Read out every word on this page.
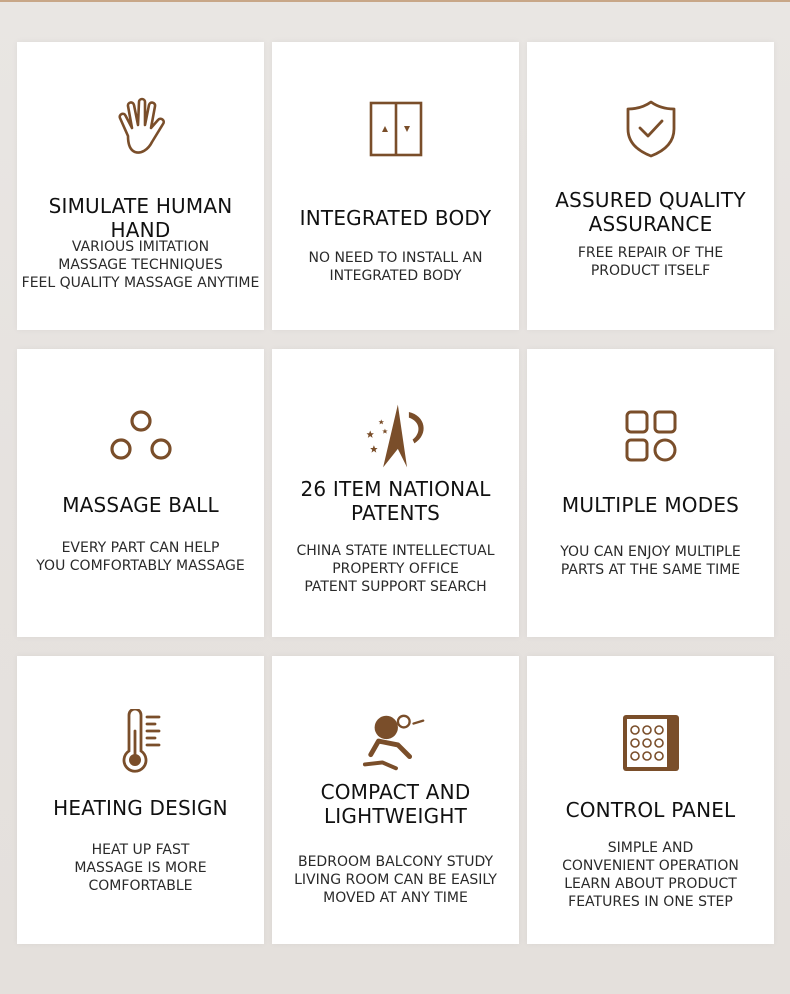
SIMULATE HUMAN HAND
VARIOUS IMITATION
MASSAGE TECHNIQUES
FEEL QUALITY MASSAGE ANYTIME
INTEGRATED BODY
NO NEED TO INSTALL AN
INTEGRATED BODY
ASSURED QUALITY
ASSURANCE
FREE REPAIR OF THE
PRODUCT ITSELF
MASSAGE BALL
EVERY PART CAN HELP
YOU COMFORTABLY MASSAGE
26 ITEM NATIONAL
PATENTS
CHINA STATE INTELLECTUAL
PROPERTY OFFICE
PATENT SUPPORT SEARCH
MULTIPLE MODES
YOU CAN ENJOY MULTIPLE
PARTS AT THE SAME TIME
HEATING DESIGN
HEAT UP FAST
MASSAGE IS MORE
COMFORTABLE
COMPACT AND
LIGHTWEIGHT
BEDROOM BALCONY STUDY
LIVING ROOM CAN BE EASILY
MOVED AT ANY TIME
CONTROL PANEL
SIMPLE AND
CONVENIENT OPERATION
LEARN ABOUT PRODUCT
FEATURES IN ONE STEP
